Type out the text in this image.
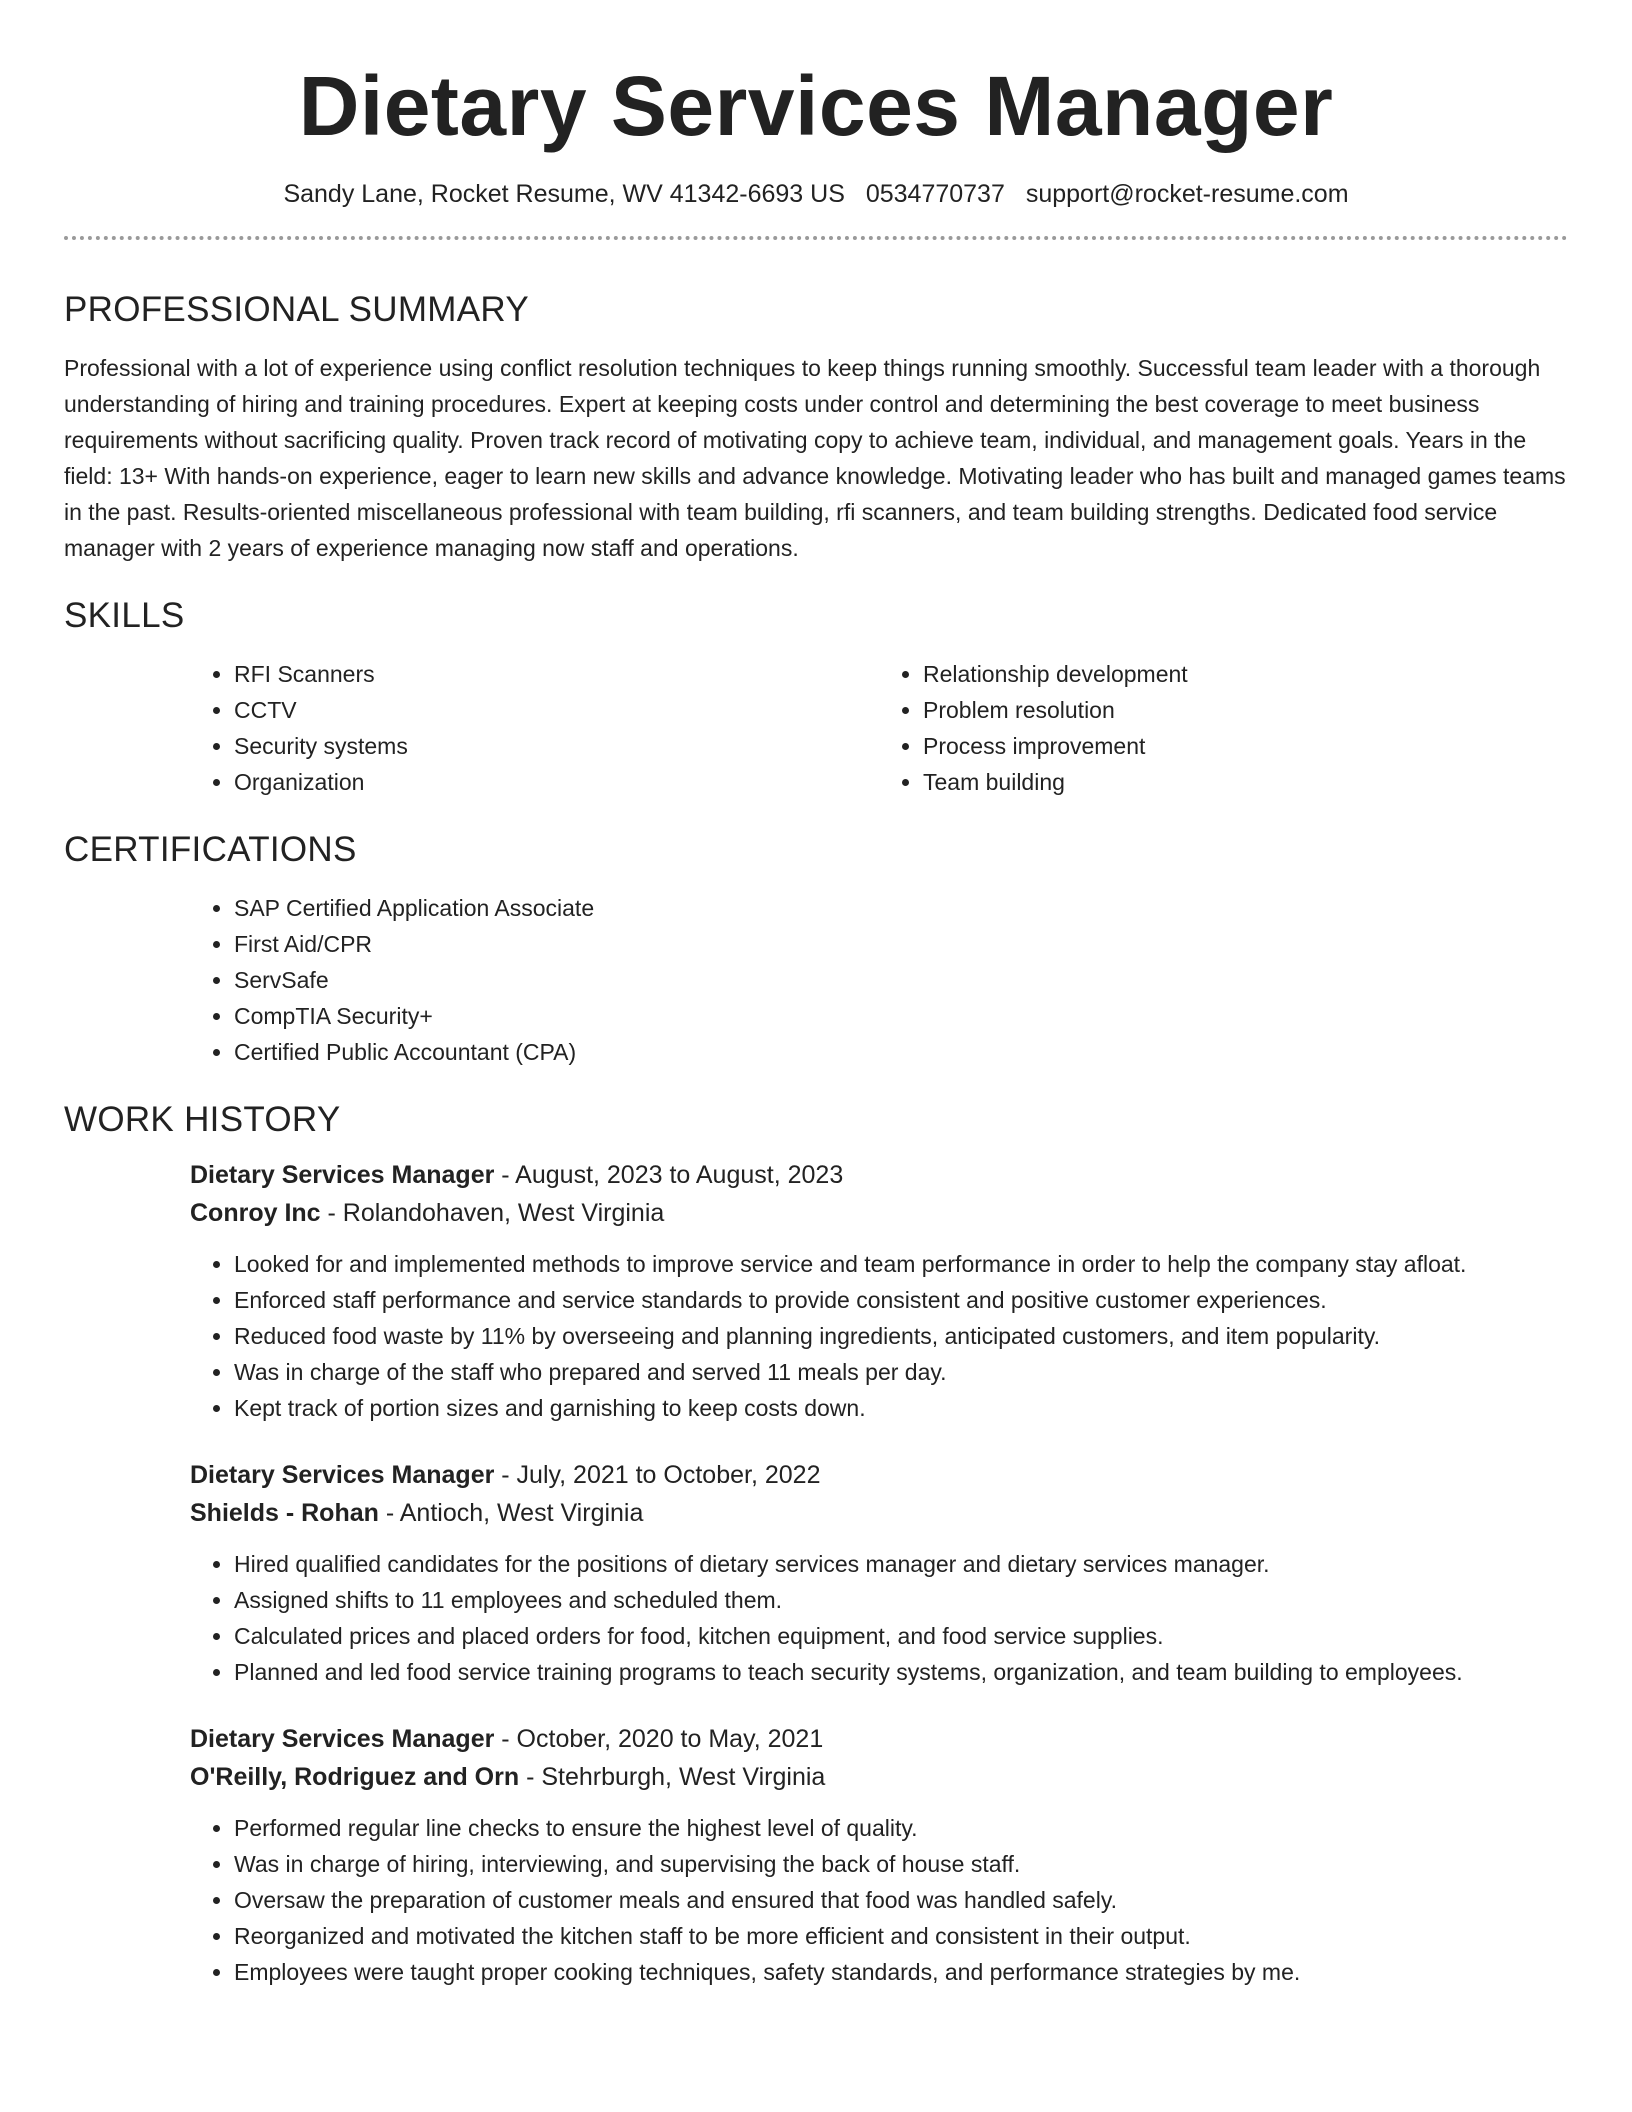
Dietary Services Manager
Sandy Lane, Rocket Resume, WV 41342-6693 US 0534770737 support@rocket-resume.com
PROFESSIONAL SUMMARY

Professional with a lot of experience using conflict resolution techniques to keep things running smoothly. Successful team leader with a thorough understanding of hiring and training procedures. Expert at keeping costs under control and determining the best coverage to meet business requirements without sacrificing quality. Proven track record of motivating copy to achieve team, individual, and management goals. Years in the field: 13+ With hands-on experience, eager to learn new skills and advance knowledge. Motivating leader who has built and managed games teams in the past. Results-oriented miscellaneous professional with team building, rfi scanners, and team building strengths. Dedicated food service manager with 2 years of experience managing now staff and operations.

SKILLS
• RFI Scanners
• CCTV
• Security systems
• Organization
• Relationship development
• Problem resolution
• Process improvement
• Team building
CERTIFICATIONS
• SAP Certified Application Associate
• First Aid/CPR
• ServSafe
• CompTIA Security+
• Certified Public Accountant (CPA)
WORK HISTORY
Dietary Services Manager - August, 2023 to August, 2023
Conroy Inc - Rolandohaven, West Virginia
• Looked for and implemented methods to improve service and team performance in order to help the company stay afloat.
• Enforced staff performance and service standards to provide consistent and positive customer experiences.
• Reduced food waste by 11% by overseeing and planning ingredients, anticipated customers, and item popularity.
• Was in charge of the staff who prepared and served 11 meals per day.
• Kept track of portion sizes and garnishing to keep costs down.
Dietary Services Manager - July, 2021 to October, 2022
Shields - Rohan - Antioch, West Virginia
• Hired qualified candidates for the positions of dietary services manager and dietary services manager.
• Assigned shifts to 11 employees and scheduled them.
• Calculated prices and placed orders for food, kitchen equipment, and food service supplies.
• Planned and led food service training programs to teach security systems, organization, and team building to employees.
Dietary Services Manager - October, 2020 to May, 2021
O'Reilly, Rodriguez and Orn - Stehrburgh, West Virginia
• Performed regular line checks to ensure the highest level of quality.
• Was in charge of hiring, interviewing, and supervising the back of house staff.
• Oversaw the preparation of customer meals and ensured that food was handled safely.
• Reorganized and motivated the kitchen staff to be more efficient and consistent in their output.
• Employees were taught proper cooking techniques, safety standards, and performance strategies by me.
